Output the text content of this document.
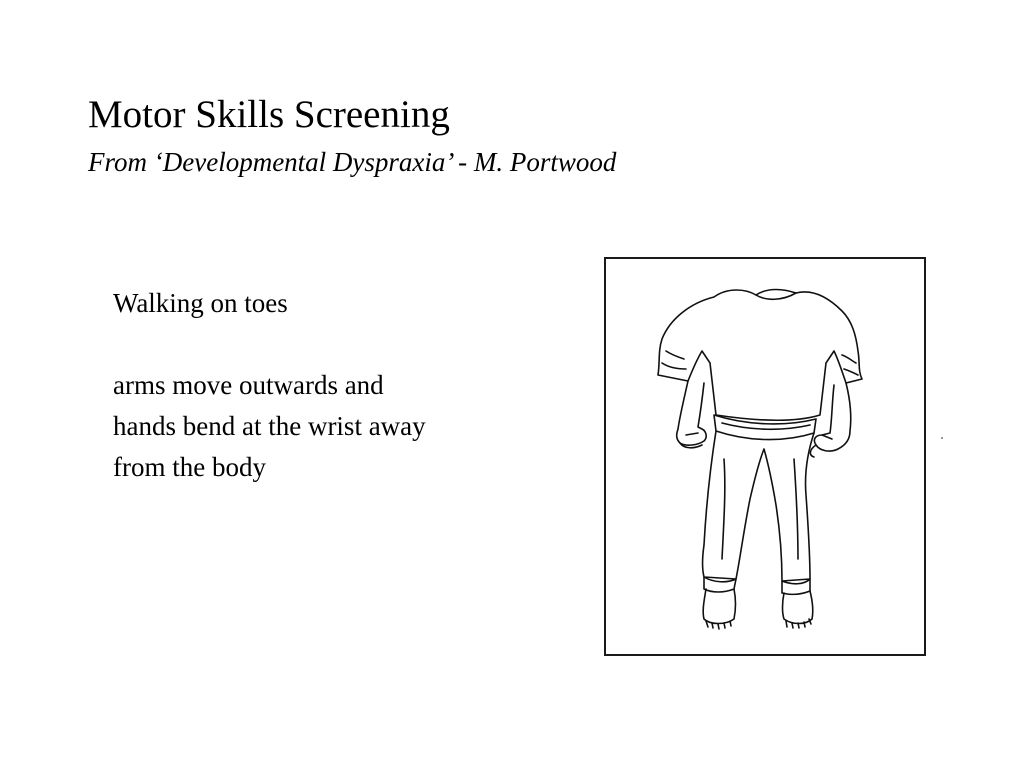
Motor Skills Screening
From ‘Developmental Dyspraxia’ - M. Portwood
Walking on toes
arms move outwards and
hands bend at the wrist away
from the body
